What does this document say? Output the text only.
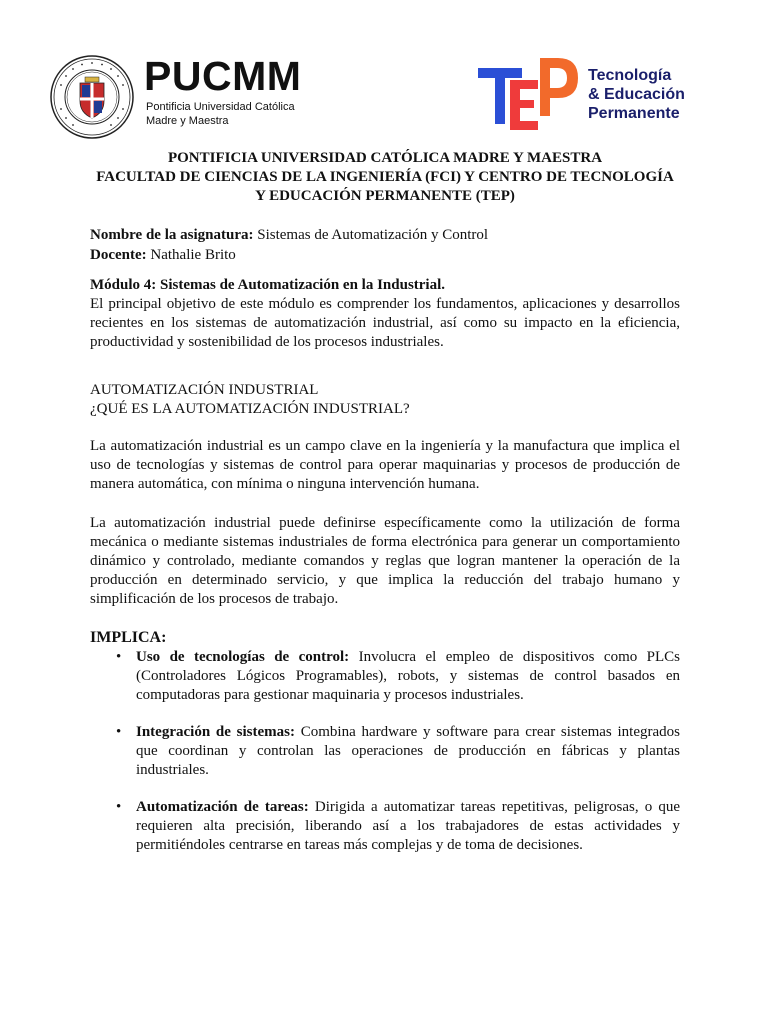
PUCMM
Pontificia Universidad Católica
Madre y Maestra
Tecnología
& Educación
Permanente
PONTIFICIA UNIVERSIDAD CATÓLICA MADRE Y MAESTRA
FACULTAD DE CIENCIAS DE LA INGENIERÍA (FCI) Y CENTRO DE TECNOLOGÍA
Y EDUCACIÓN PERMANENTE (TEP)
Nombre de la asignatura: Sistemas de Automatización y Control
Docente: Nathalie Brito
Módulo 4: Sistemas de Automatización en la Industrial.

El principal objetivo de este módulo es comprender los fundamentos, aplicaciones y desarrollos recientes en los sistemas de automatización industrial, así como su impacto en la eficiencia, productividad y sostenibilidad de los procesos industriales.

AUTOMATIZACIÓN INDUSTRIAL
¿QUÉ ES LA AUTOMATIZACIÓN INDUSTRIAL?

La automatización industrial es un campo clave en la ingeniería y la manufactura que implica el uso de tecnologías y sistemas de control para operar maquinarias y procesos de producción de manera automática, con mínima o ninguna intervención humana.

La automatización industrial puede definirse específicamente como la utilización de forma mecánica o mediante sistemas industriales de forma electrónica para generar un comportamiento dinámico y controlado, mediante comandos y reglas que logran mantener la operación de la producción en determinado servicio, y que implica la reducción del trabajo humano y simplificación de los procesos de trabajo.

IMPLICA:
• Uso de tecnologías de control: Involucra el empleo de dispositivos como PLCs (Controladores Lógicos Programables), robots, y sistemas de control basados en computadoras para gestionar maquinaria y procesos industriales.
• Integración de sistemas: Combina hardware y software para crear sistemas integrados que coordinan y controlan las operaciones de producción en fábricas y plantas industriales.
• Automatización de tareas: Dirigida a automatizar tareas repetitivas, peligrosas, o que requieren alta precisión, liberando así a los trabajadores de estas actividades y permitiéndoles centrarse en tareas más complejas y de toma de decisiones.
